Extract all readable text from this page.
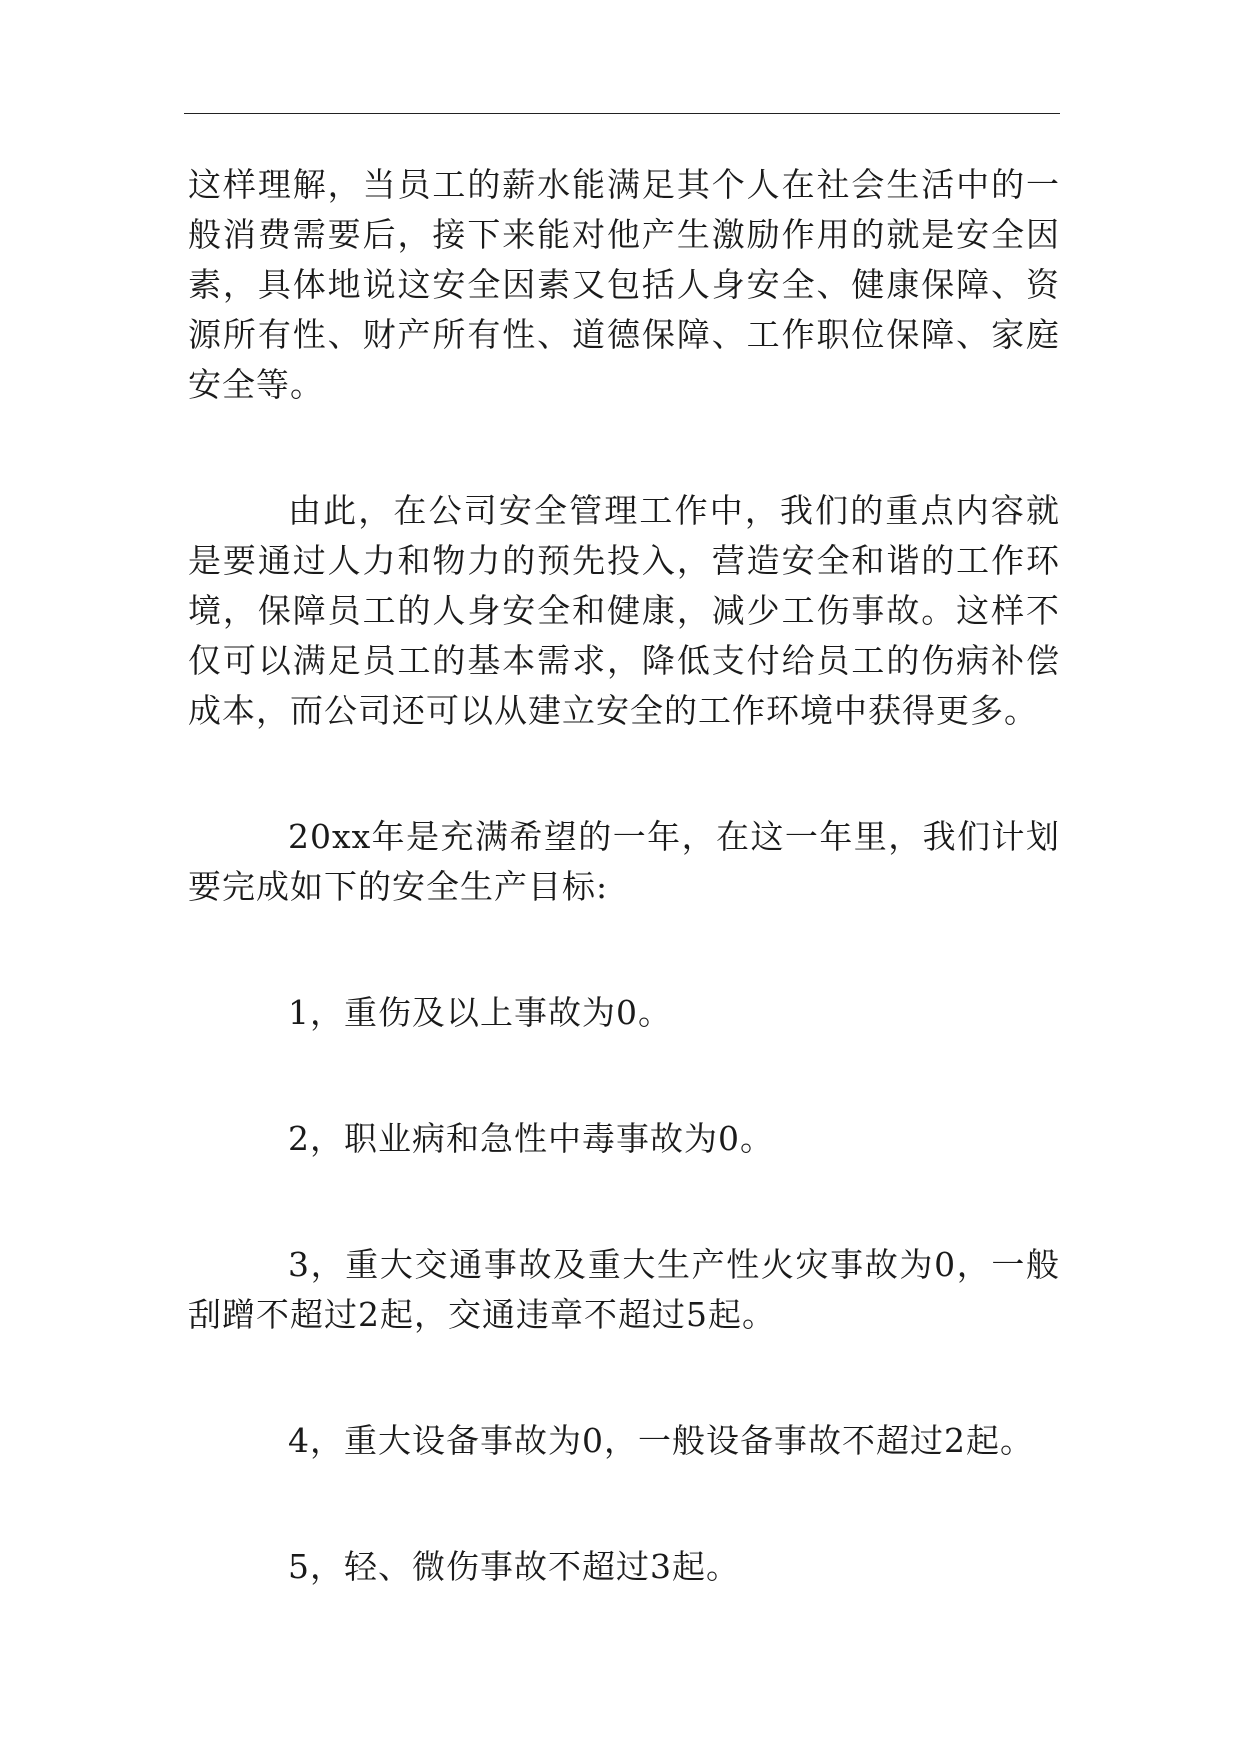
这样理解，当员工的薪水能满足其个人在社会生活中的一般消费需要后，接下来能对他产生激励作用的就是安全因素，具体地说这安全因素又包括人身安全、健康保障、资源所有性、财产所有性、道德保障、工作职位保障、家庭安全等。

由此，在公司安全管理工作中，我们的重点内容就是要通过人力和物力的预先投入，营造安全和谐的工作环境，保障员工的人身安全和健康，减少工伤事故。这样不仅可以满足员工的基本需求，降低支付给员工的伤病补偿成本，而公司还可以从建立安全的工作环境中获得更多。

20xx年是充满希望的一年，在这一年里，我们计划要完成如下的安全生产目标:

1，重伤及以上事故为0。

2，职业病和急性中毒事故为0。

3，重大交通事故及重大生产性火灾事故为0，一般刮蹭不超过2起，交通违章不超过5起。

4，重大设备事故为0，一般设备事故不超过2起。

5，轻、微伤事故不超过3起。
